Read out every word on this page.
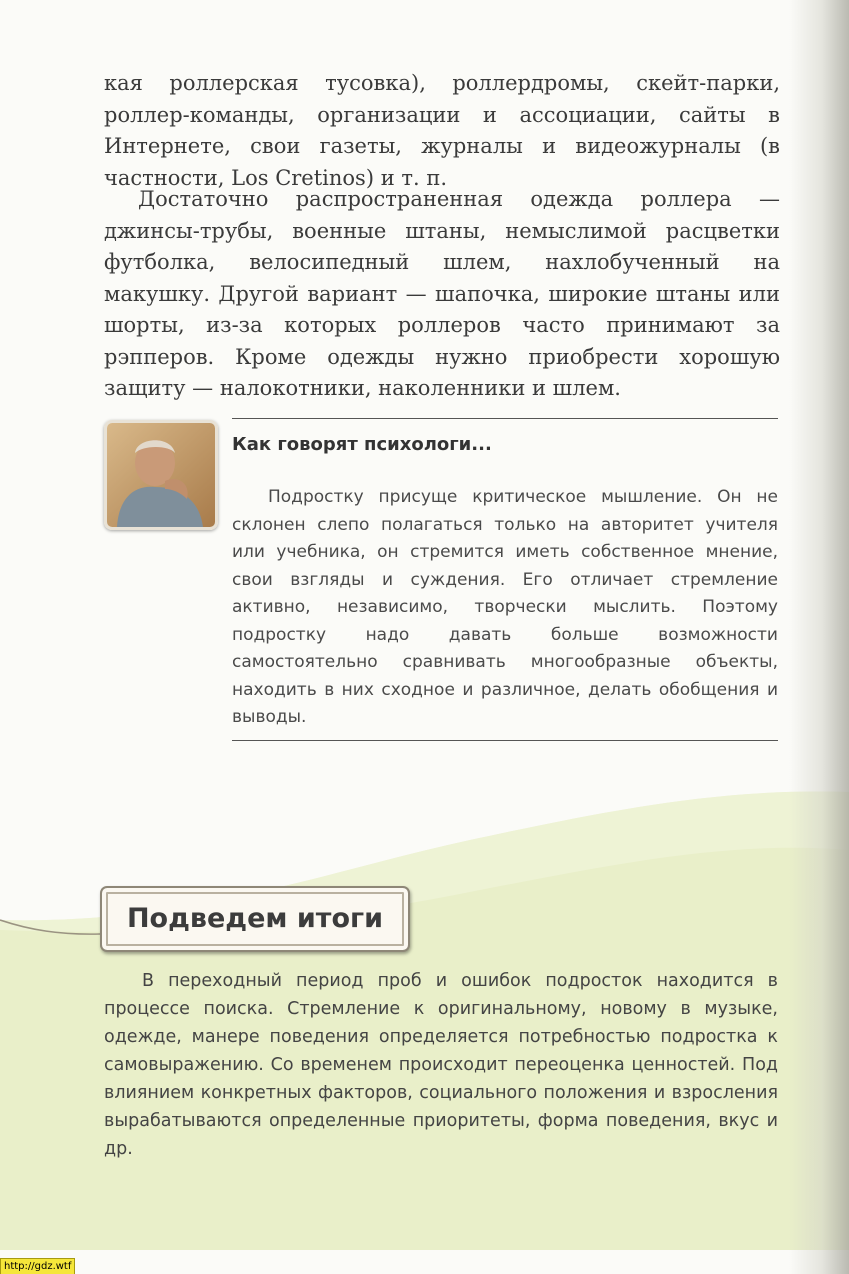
кая роллерская тусовка), роллердромы, скейт-парки, роллер-команды, организации и ассоциации, сайты в Интернете, свои газеты, журналы и видеожурналы (в частности, Los Cretinos) и т. п.

Достаточно распространенная одежда роллера — джинсы-трубы, военные штаны, немыслимой расцветки футболка, велосипедный шлем, нахлобученный на макушку. Другой вариант — шапочка, широкие штаны или шорты, из-за которых роллеров часто принимают за рэпперов. Кроме одежды нужно приобрести хорошую защиту — налокотники, наколенники и шлем.

Как говорят психологи...

Подростку присуще критическое мышление. Он не склонен слепо полагаться только на авторитет учителя или учебника, он стремится иметь собственное мнение, свои взгляды и суждения. Его отличает стремление активно, независимо, творчески мыслить. Поэтому подростку надо давать больше возможности самостоятельно сравнивать многообразные объекты, находить в них сходное и различное, делать обобщения и выводы.

Подведем итоги

В переходный период проб и ошибок подросток находится в процессе поиска. Стремление к оригинальному, новому в музыке, одежде, манере поведения определяется потребностью подростка к самовыражению. Со временем происходит переоценка ценностей. Под влиянием конкретных факторов, социального положения и взросления вырабатываются определенные приоритеты, форма поведения, вкус и др.

http://gdz.wtf
